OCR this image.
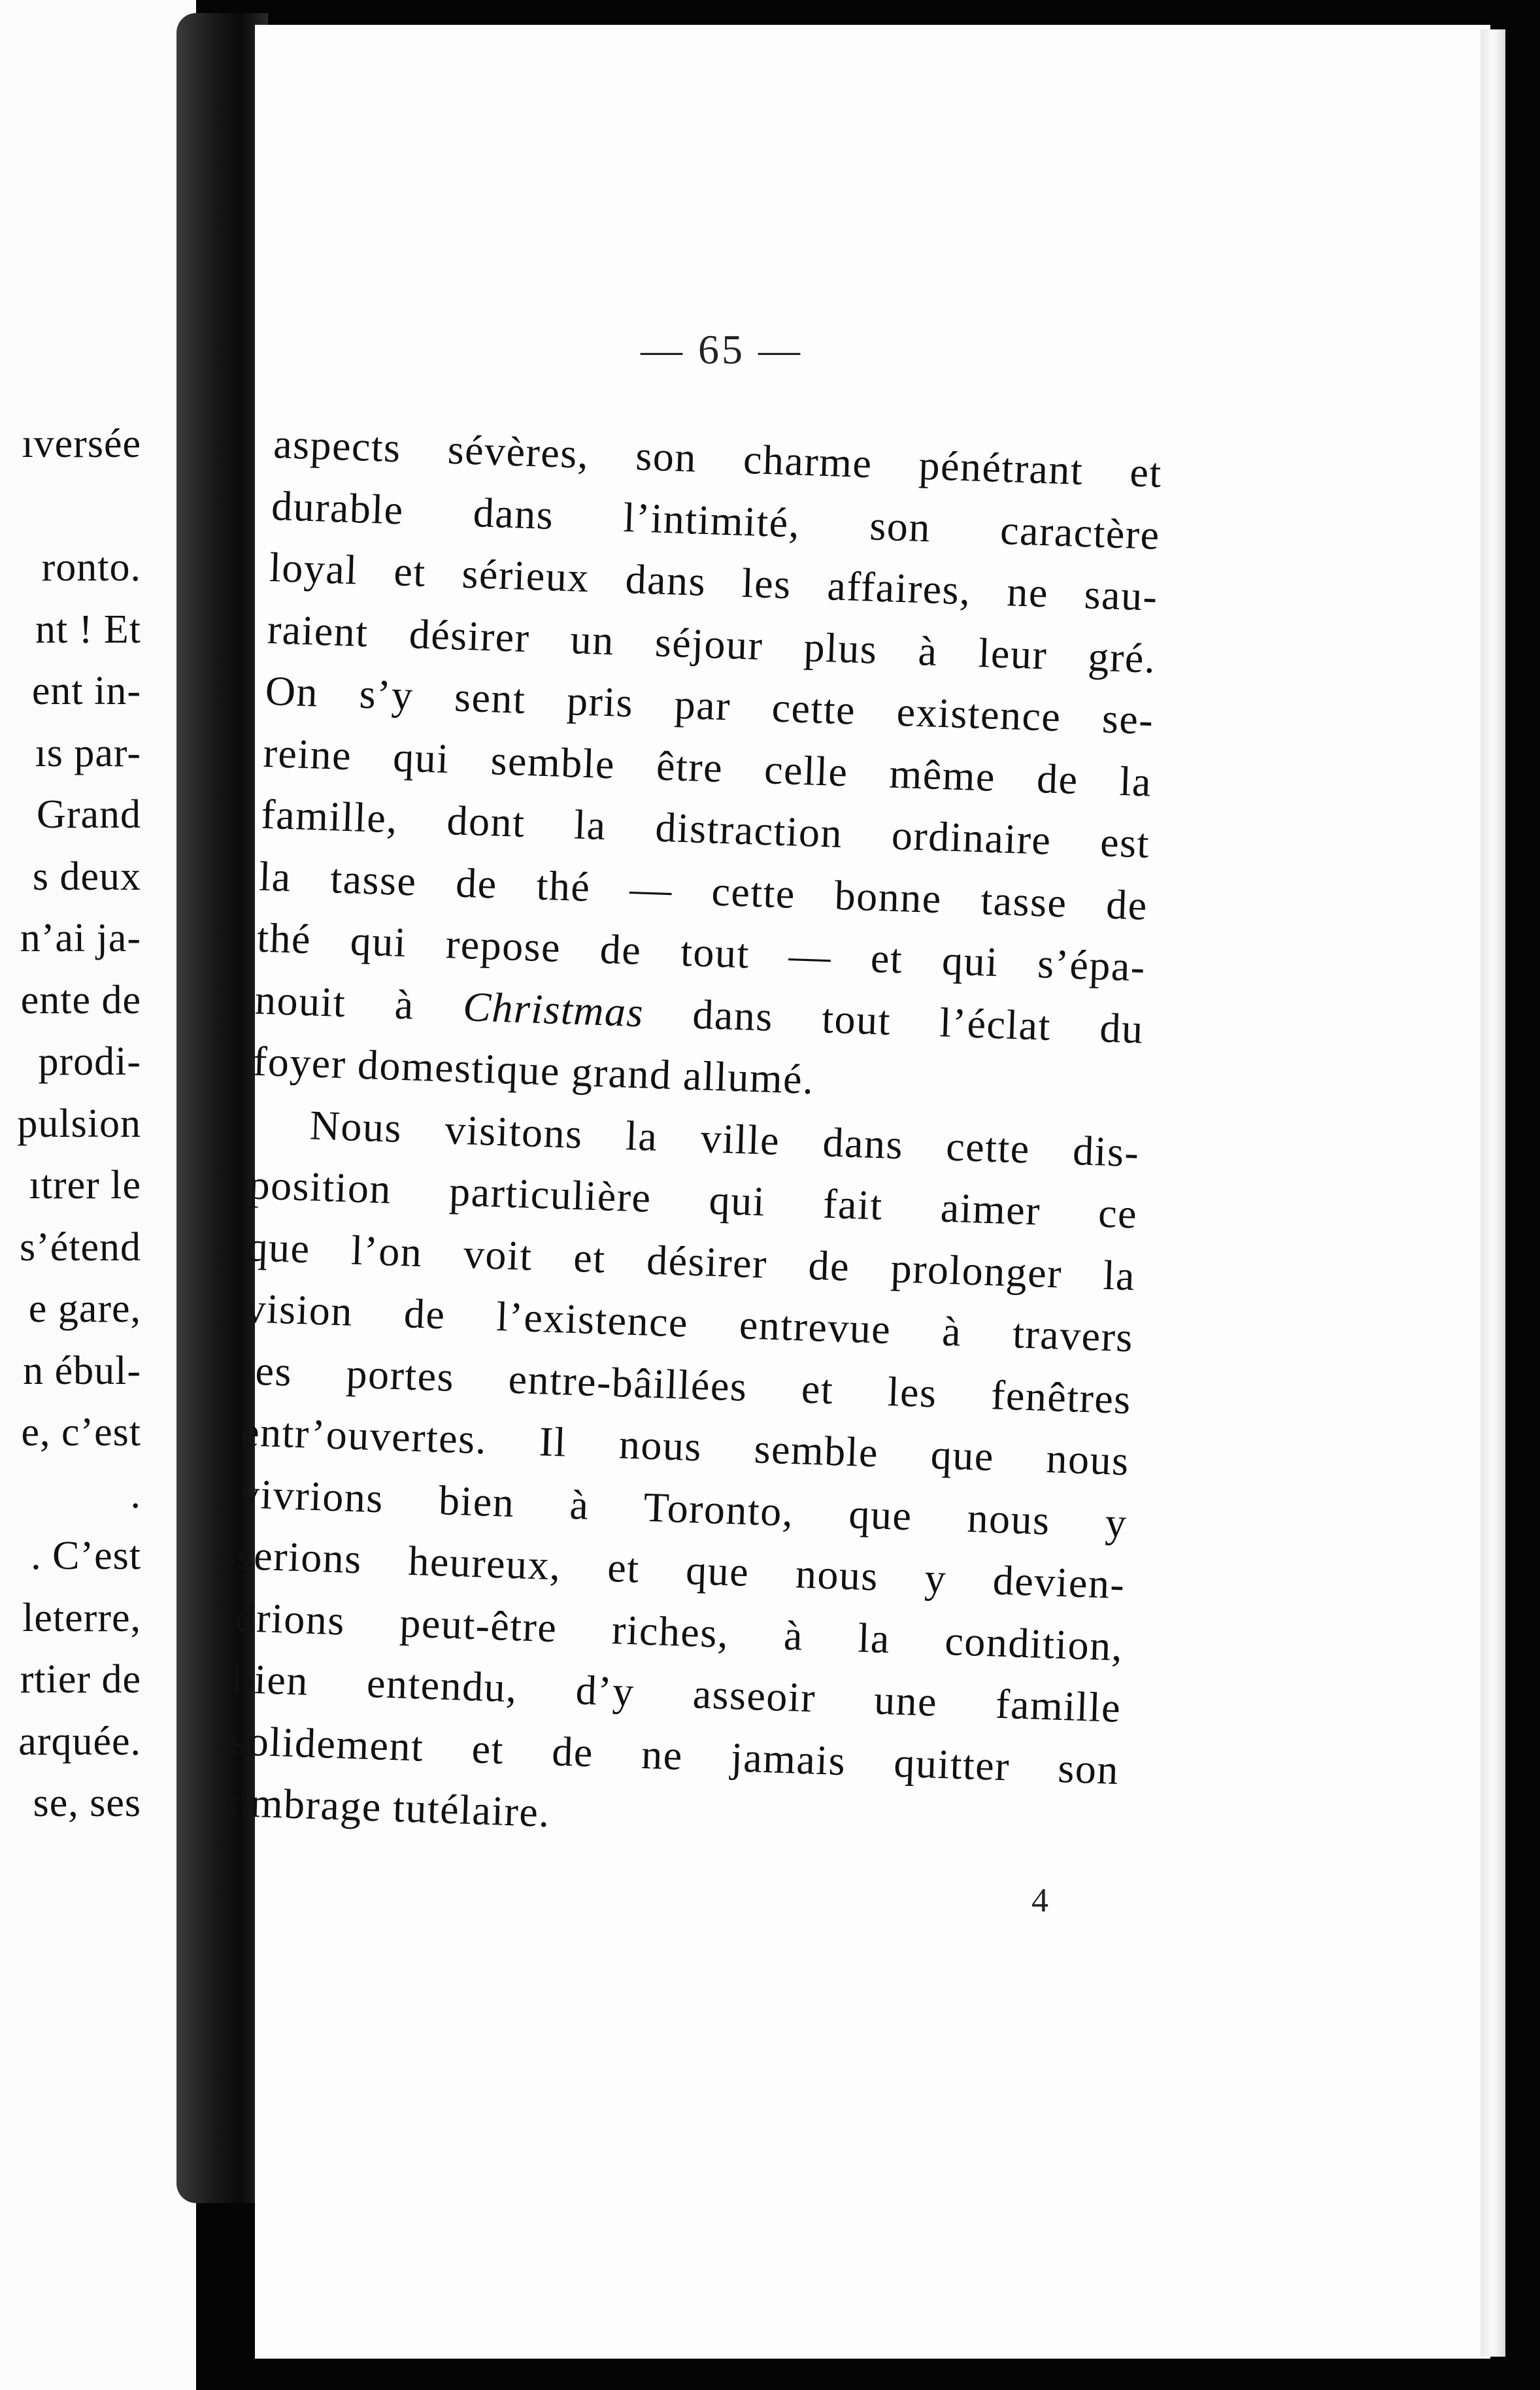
ıversée

ronto.
nt ! Et
ent in-
ıs par-
Grand
s deux
n’ai ja-
ente de
prodi-
pulsion
ıtrer le
s’étend
e gare,
n ébul-
e, c’est
.
. C’est
leterre,
rtier de
arquée.
se, ses
— 65 —
aspects sévères, son charme pénétrant et
durable dans l’intimité, son caractère
loyal et sérieux dans les affaires, ne sau-
raient désirer un séjour plus à leur gré.
On s’y sent pris par cette existence se-
reine qui semble être celle même de la
famille, dont la distraction ordinaire est
la tasse de thé — cette bonne tasse de
thé qui repose de tout — et qui s’épa-
nouit à Christmas dans tout l’éclat du
foyer domestique grand allumé.
Nous visitons la ville dans cette dis-
position particulière qui fait aimer ce
que l’on voit et désirer de prolonger la
vision de l’existence entrevue à travers
les portes entre-bâillées et les fenêtres
entr’ouvertes. Il nous semble que nous
vivrions bien à Toronto, que nous y
serions heureux, et que nous y devien-
drions peut-être riches, à la condition,
bien entendu, d’y asseoir une famille
solidement et de ne jamais quitter son
ombrage tutélaire.
4
